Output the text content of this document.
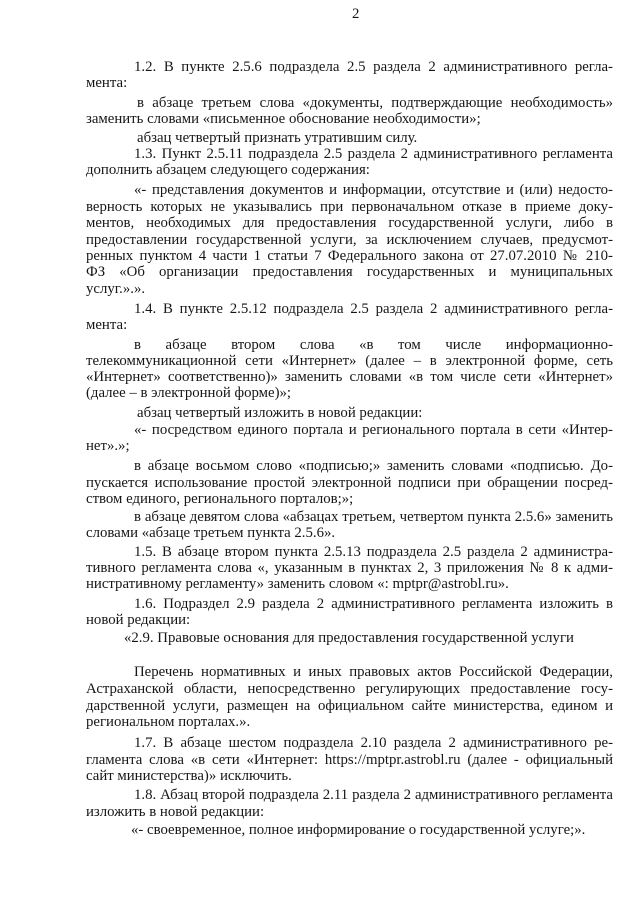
2
1.2. В пункте 2.5.6 подраздела 2.5 раздела 2 административного регла-
мента:
в абзаце третьем слова «документы, подтверждающие необходимость»
заменить словами «письменное обоснование необходимости»;
абзац четвертый признать утратившим силу.
1.3. Пункт 2.5.11 подраздела 2.5 раздела 2 административного регламента
дополнить абзацем следующего содержания:
«- представления документов и информации, отсутствие и (или) недосто-
верность которых не указывались при первоначальном отказе в приеме доку-
ментов, необходимых для предоставления государственной услуги, либо в
предоставлении государственной услуги, за исключением случаев, предусмот-
ренных пунктом 4 части 1 статьи 7 Федерального закона от 27.07.2010 № 210-
ФЗ «Об организации предоставления государственных и муниципальных
услуг.».».
1.4. В пункте 2.5.12 подраздела 2.5 раздела 2 административного регла-
мента:
в абзаце втором слова «в том числе информационно-
телекоммуникационной сети «Интернет» (далее – в электронной форме, сеть
«Интернет» соответственно)» заменить словами «в том числе сети «Интернет»
(далее – в электронной форме)»;
абзац четвертый изложить в новой редакции:
«- посредством единого портала и регионального портала в сети «Интер-
нет».»;
в абзаце восьмом слово «подписью;» заменить словами «подписью. До-
пускается использование простой электронной подписи при обращении посред-
ством единого, регионального порталов;»;
в абзаце девятом слова «абзацах третьем, четвертом пункта 2.5.6» заменить
словами «абзаце третьем пункта 2.5.6».
1.5. В абзаце втором пункта 2.5.13 подраздела 2.5 раздела 2 администра-
тивного регламента слова «, указанным в пунктах 2, 3 приложения № 8 к адми-
нистративному регламенту» заменить словом «: mptpr@astrobl.ru».
1.6. Подраздел 2.9 раздела 2 административного регламента изложить в
новой редакции:
«2.9. Правовые основания для предоставления государственной услуги
Перечень нормативных и иных правовых актов Российской Федерации,
Астраханской области, непосредственно регулирующих предоставление госу-
дарственной услуги, размещен на официальном сайте министерства, едином и
региональном порталах.».
1.7. В абзаце шестом подраздела 2.10 раздела 2 административного ре-
гламента слова «в сети «Интернет: https://mptpr.astrobl.ru (далее - официальный
сайт министерства)» исключить.
1.8. Абзац второй подраздела 2.11 раздела 2 административного регламента
изложить в новой редакции:
«- своевременное, полное информирование о государственной услуге;».
